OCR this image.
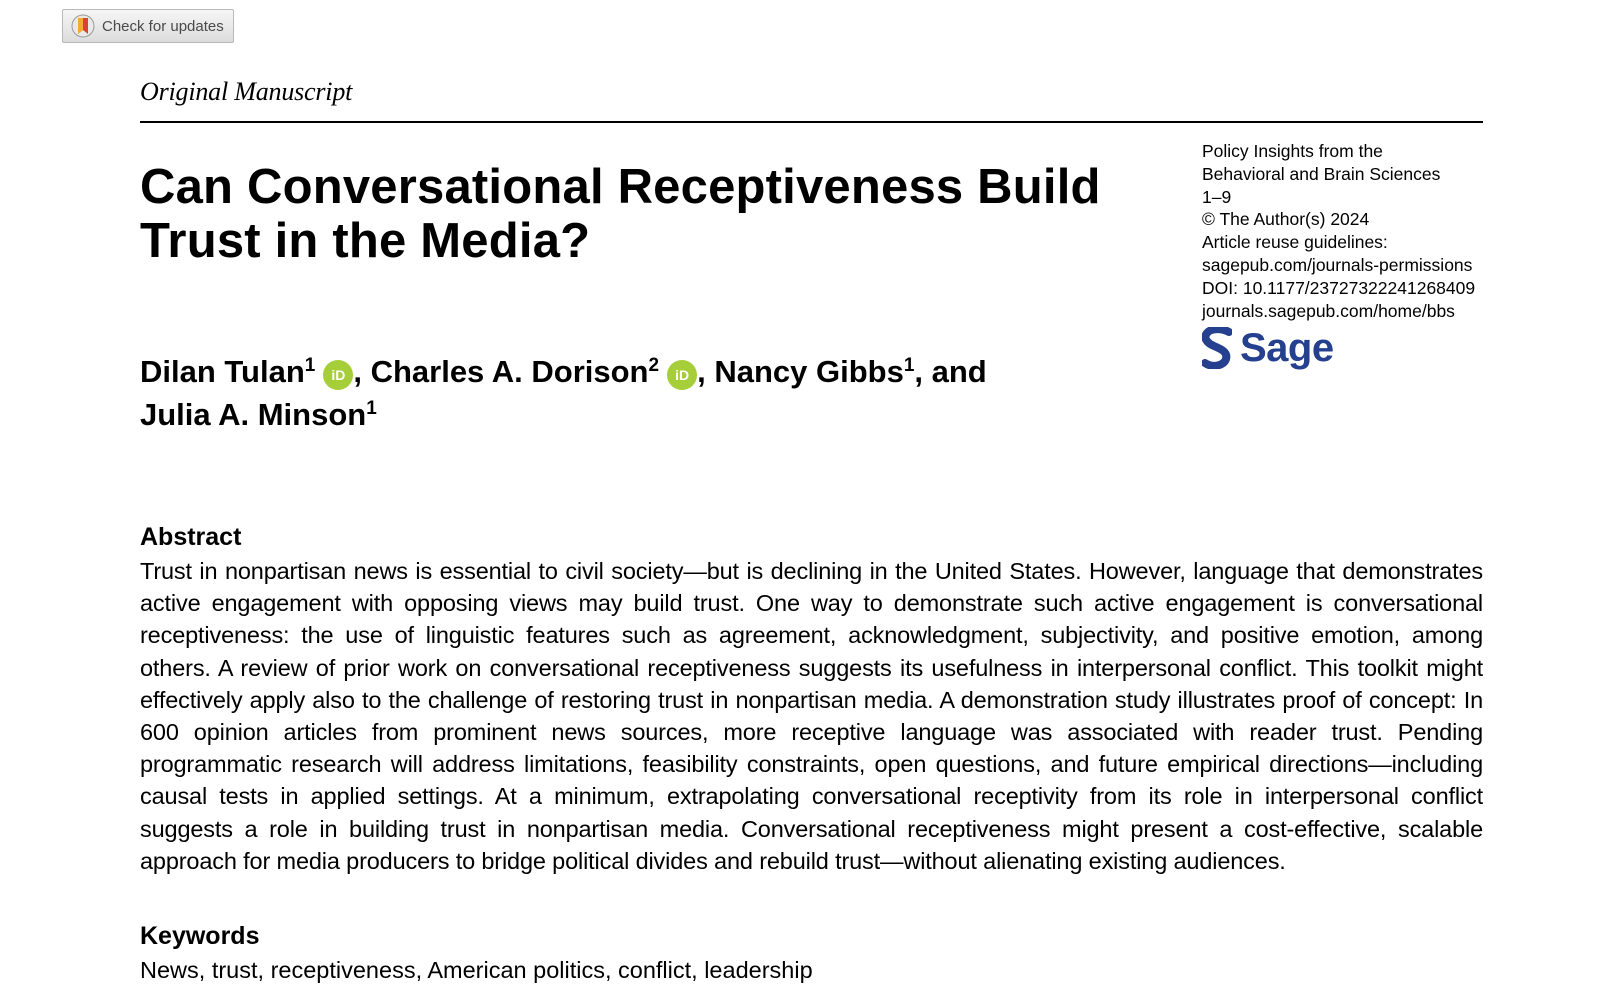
Check for updates
Original Manuscript
Can Conversational Receptiveness Build Trust in the Media?
Policy Insights from the
Behavioral and Brain Sciences
1–9
© The Author(s) 2024
Article reuse guidelines:
sagepub.com/journals-permissions
DOI: 10.1177/23727322241268409
journals.sagepub.com/home/bbs
Sage
Dilan Tulan$^1$ iD , Charles A. Dorison$^2$ iD , Nancy Gibbs$^1$, and Julia A. Minson$^1$
Abstract

Trust in nonpartisan news is essential to civil society—but is declining in the United States. However, language that demonstrates active engagement with opposing views may build trust. One way to demonstrate such active engagement is conversational receptiveness: the use of linguistic features such as agreement, acknowledgment, subjectivity, and positive emotion, among others. A review of prior work on conversational receptiveness suggests its usefulness in interpersonal conflict. This toolkit might effectively apply also to the challenge of restoring trust in nonpartisan media. A demonstration study illustrates proof of concept: In 600 opinion articles from prominent news sources, more receptive language was associated with reader trust. Pending programmatic research will address limitations, feasibility constraints, open questions, and future empirical directions—including causal tests in applied settings. At a minimum, extrapolating conversational receptivity from its role in interpersonal conflict suggests a role in building trust in nonpartisan media. Conversational receptiveness might present a cost-effective, scalable approach for media producers to bridge political divides and rebuild trust—without alienating existing audiences.

Keywords

News, trust, receptiveness, American politics, conflict, leadership
